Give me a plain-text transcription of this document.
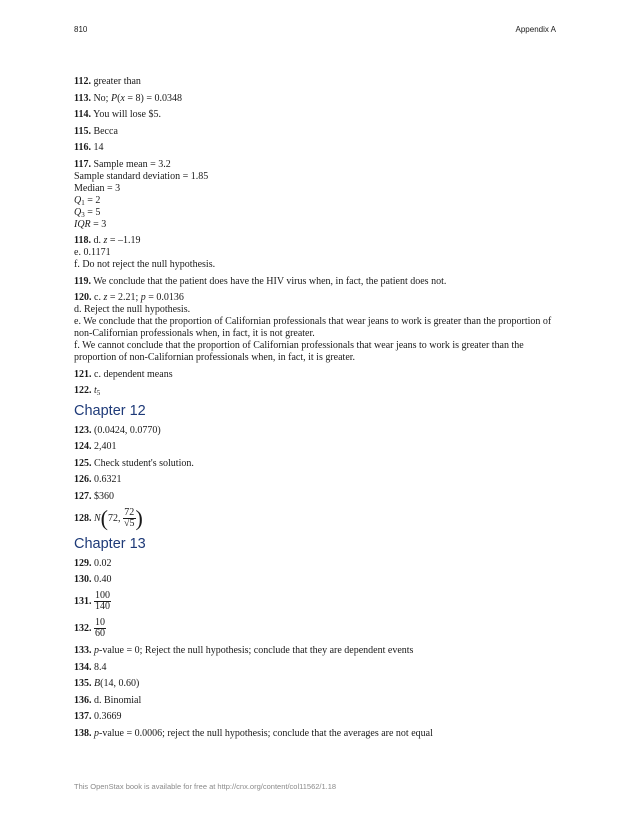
810	Appendix A
112. greater than
113. No; P(x = 8) = 0.0348
114. You will lose $5.
115. Becca
116. 14
117. Sample mean = 3.2
Sample standard deviation = 1.85
Median = 3
$Q_1 = 2$
$Q_3 = 5$
IQR = 3
118. d. z = –1.19
e. 0.1171
f. Do not reject the null hypothesis.
119. We conclude that the patient does have the HIV virus when, in fact, the patient does not.
120. c. z = 2.21; p = 0.0136
d. Reject the null hypothesis.
e. We conclude that the proportion of Californian professionals that wear jeans to work is greater than the proportion of non-Californian professionals when, in fact, it is not greater.
f. We cannot conclude that the proportion of Californian professionals that wear jeans to work is greater than the proportion of non-Californian professionals when, in fact, it is greater.
121. c. dependent means
122. $t_5$
Chapter 12
123. (0.0424, 0.0770)
124. 2,401
125. Check student's solution.
126. 0.6321
127. $360
128. N(72, $\frac{72}{√5}$ )
Chapter 13
129. 0.02
130. 0.40
131. $\frac{100}{140}$
132. $\frac{10}{60}$
133. p-value = 0; Reject the null hypothesis; conclude that they are dependent events
134. 8.4
135. B(14, 0.60)
136. d. Binomial
137. 0.3669
138. p-value = 0.0006; reject the null hypothesis; conclude that the averages are not equal
This OpenStax book is available for free at http://cnx.org/content/col11562/1.18
